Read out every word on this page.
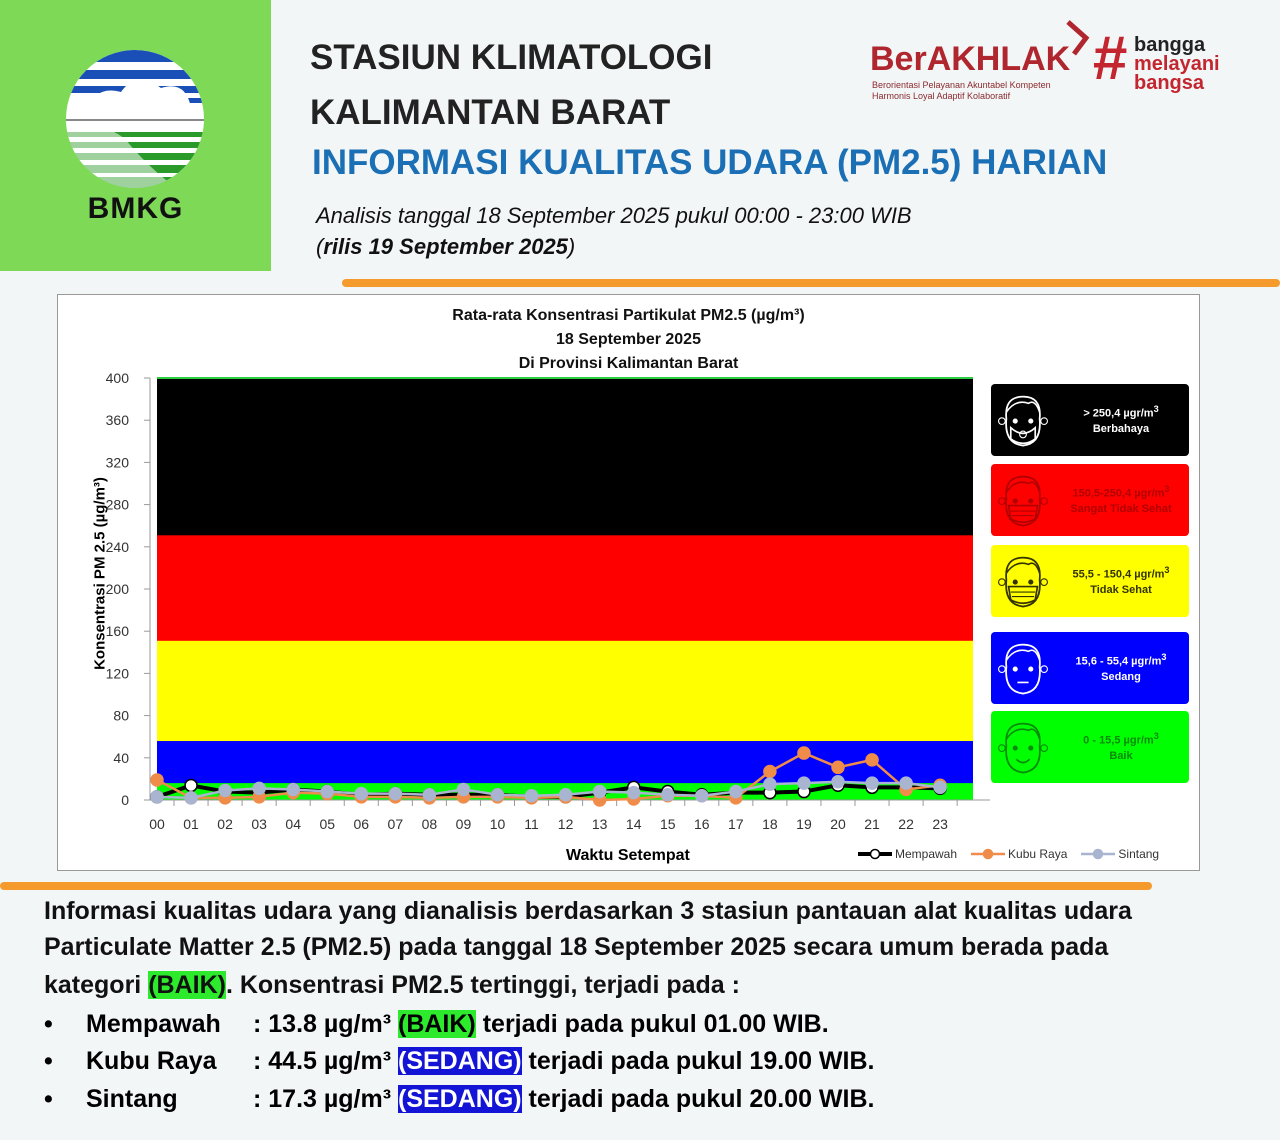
BMKG
STASIUN KLIMATOLOGI
KALIMANTAN BARAT
INFORMASI KUALITAS UDARA (PM2.5) HARIAN
Analisis tanggal 18 September 2025 pukul 00:00 - 23:00 WIB
(rilis 19 September 2025)
BerAKHLAK
Berorientasi Pelayanan Akuntabel Kompeten
Harmonis Loyal Adaptif Kolaboratif
# bangga
melayani
bangsa
Rata-rata Konsentrasi Partikulat PM2.5 (µg/m³)
18 September 2025
Di Provinsi Kalimantan Barat
Konsentrasi PM 2.5 (µg/m³)
Waktu Setempat	Mempawah	Kubu Raya	Sintang
400
360
320
280
240
200
160
120
80
40
0
00 01 02 03 04 05 06 07 08 09 10 11 12 13 14 15 16 17 18 19 20 21 22 23
> 250,4 µgr/$m^3$
Berbahaya
150,5-250,4 µgr/$m^3$
Sangat Tidak Sehat
55,5 - 150,4 µgr/$m^3$
Tidak Sehat
15,6 - 55,4 µgr/$m^3$
Sedang
0 - 15,5 µgr/$m^3$
Baik
Informasi kualitas udara yang dianalisis berdasarkan 3 stasiun pantauan alat kualitas udara
Particulate Matter 2.5 (PM2.5) pada tanggal 18 September 2025 secara umum berada pada
kategori (BAIK). Konsentrasi PM2.5 tertinggi, terjadi pada :
• Mempawah : 13.8 µg/m³ (BAIK) terjadi pada pukul 01.00 WIB.
• Kubu Raya : 44.5 µg/m³ (SEDANG) terjadi pada pukul 19.00 WIB.
• Sintang	: 17.3 µg/m³ (SEDANG) terjadi pada pukul 20.00 WIB.
